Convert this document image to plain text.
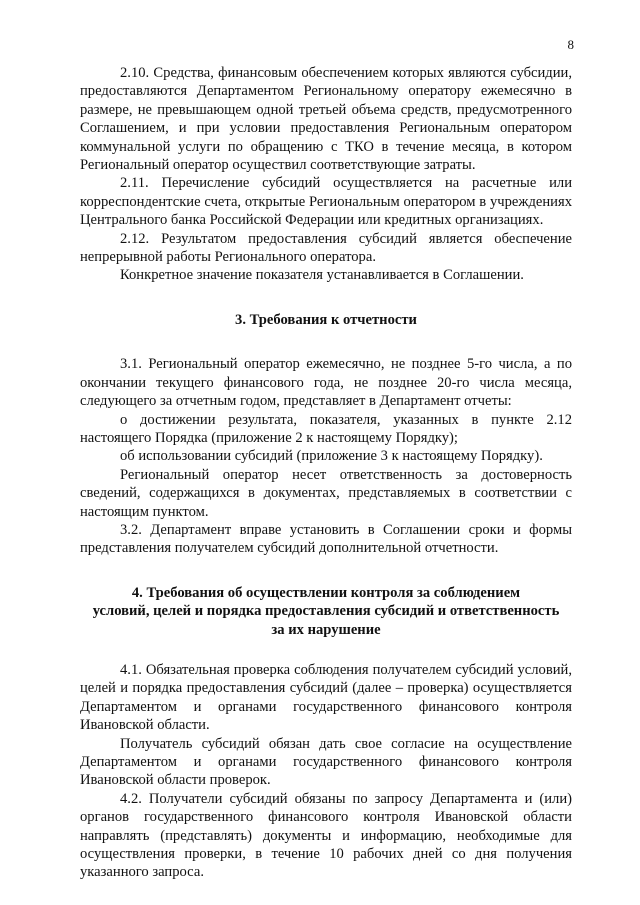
8

2.10. Средства, финансовым обеспечением которых являются субсидии, предоставляются Департаментом Региональному оператору ежемесячно в размере, не превышающем одной третьей объема средств, предусмотренного Соглашением, и при условии предоставления Региональным оператором коммунальной услуги по обращению с ТКО в течение месяца, в котором Региональный оператор осуществил соответствующие затраты.

2.11. Перечисление субсидий осуществляется на расчетные или корреспондентские счета, открытые Региональным оператором в учреждениях Центрального банка Российской Федерации или кредитных организациях.

2.12. Результатом предоставления субсидий является обеспечение непрерывной работы Регионального оператора.

Конкретное значение показателя устанавливается в Соглашении.

3. Требования к отчетности

3.1. Региональный оператор ежемесячно, не позднее 5-го числа, а по окончании текущего финансового года, не позднее 20-го числа месяца, следующего за отчетным годом, представляет в Департамент отчеты:

о достижении результата, показателя, указанных в пункте 2.12 настоящего Порядка (приложение 2 к настоящему Порядку);

об использовании субсидий (приложение 3 к настоящему Порядку).

Региональный оператор несет ответственность за достоверность сведений, содержащихся в документах, представляемых в соответствии с настоящим пунктом.

3.2. Департамент вправе установить в Соглашении сроки и формы представления получателем субсидий дополнительной отчетности.

4. Требования об осуществлении контроля за соблюдением
условий, целей и порядка предоставления субсидий и ответственность
за их нарушение

4.1. Обязательная проверка соблюдения получателем субсидий условий, целей и порядка предоставления субсидий (далее – проверка) осуществляется Департаментом и органами государственного финансового контроля Ивановской области.

Получатель субсидий обязан дать свое согласие на осуществление Департаментом и органами государственного финансового контроля Ивановской области проверок.

4.2. Получатели субсидий обязаны по запросу Департамента и (или) органов государственного финансового контроля Ивановской области направлять (представлять) документы и информацию, необходимые для осуществления проверки, в течение 10 рабочих дней со дня получения указанного запроса.
